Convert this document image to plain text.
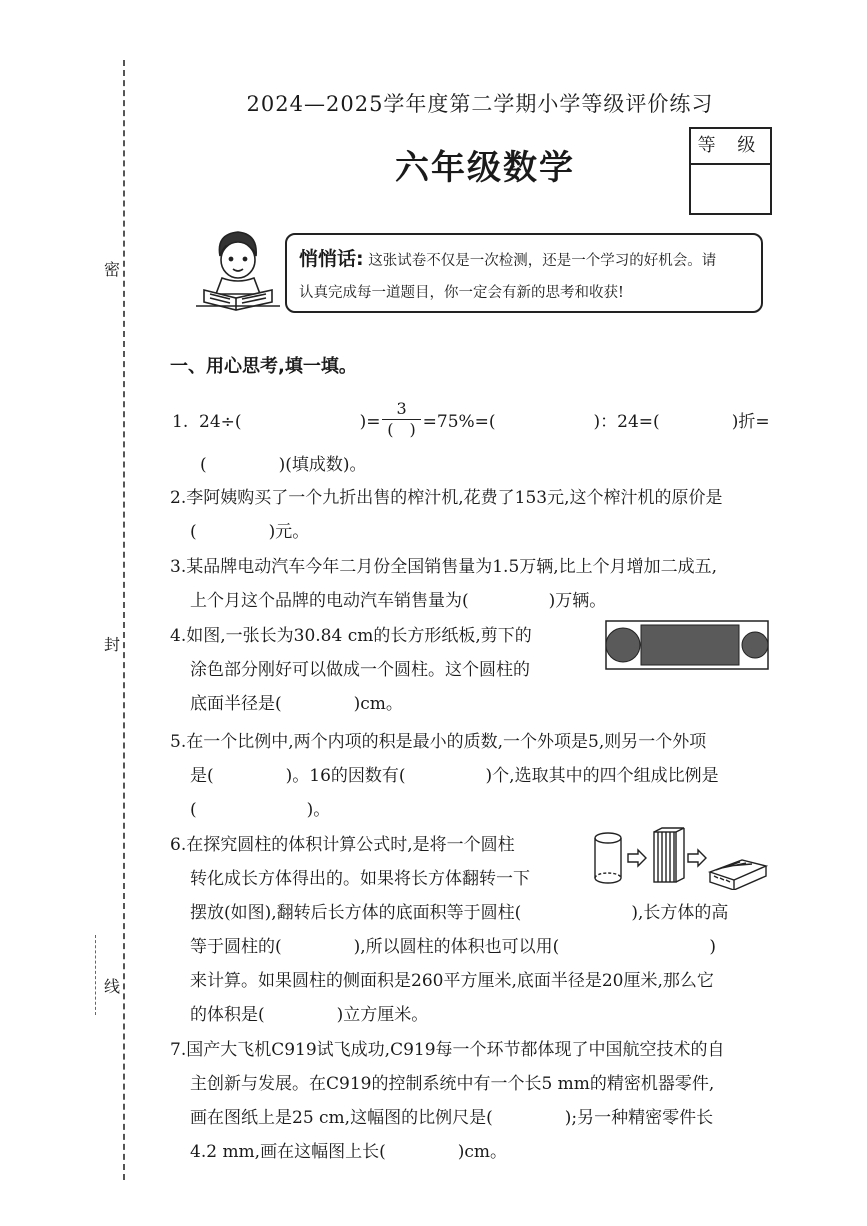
密
封
线
2024—2025学年度第二学期小学等级评价练习
六年级数学
等 级
悄悄话: 这张试卷不仅是一次检测，还是一个学习的好机会。请
认真完成每一道题目，你一定会有新的思考和收获!
一、用心思考,填一填。
1. 24÷(	)= $\frac{3}{( )} =75\%=$(	)：24=(	)折=
(	)(填成数)。
2.李阿姨购买了一个九折出售的榨汁机,花费了153元,这个榨汁机的原价是
(	)元。
3.某品牌电动汽车今年二月份全国销售量为1.5万辆,比上个月增加二成五,
上个月这个品牌的电动汽车销售量为(	)万辆。
4.如图,一张长为30.84 cm的长方形纸板,剪下的
涂色部分刚好可以做成一个圆柱。这个圆柱的
底面半径是(	)cm。
5.在一个比例中,两个内项的积是最小的质数,一个外项是5,则另一个外项
是(	)。16的因数有(	)个,选取其中的四个组成比例是
(	)。
6.在探究圆柱的体积计算公式时,是将一个圆柱
转化成长方体得出的。如果将长方体翻转一下
摆放(如图),翻转后长方体的底面积等于圆柱(	),长方体的高
等于圆柱的(	),所以圆柱的体积也可以用(	)
来计算。如果圆柱的侧面积是260平方厘米,底面半径是20厘米,那么它
的体积是(	)立方厘米。
7.国产大飞机C919试飞成功,C919每一个环节都体现了中国航空技术的自
主创新与发展。在C919的控制系统中有一个长5 mm的精密机器零件,
画在图纸上是25 cm,这幅图的比例尺是(	);另一种精密零件长
4.2 mm,画在这幅图上长(	)cm。
